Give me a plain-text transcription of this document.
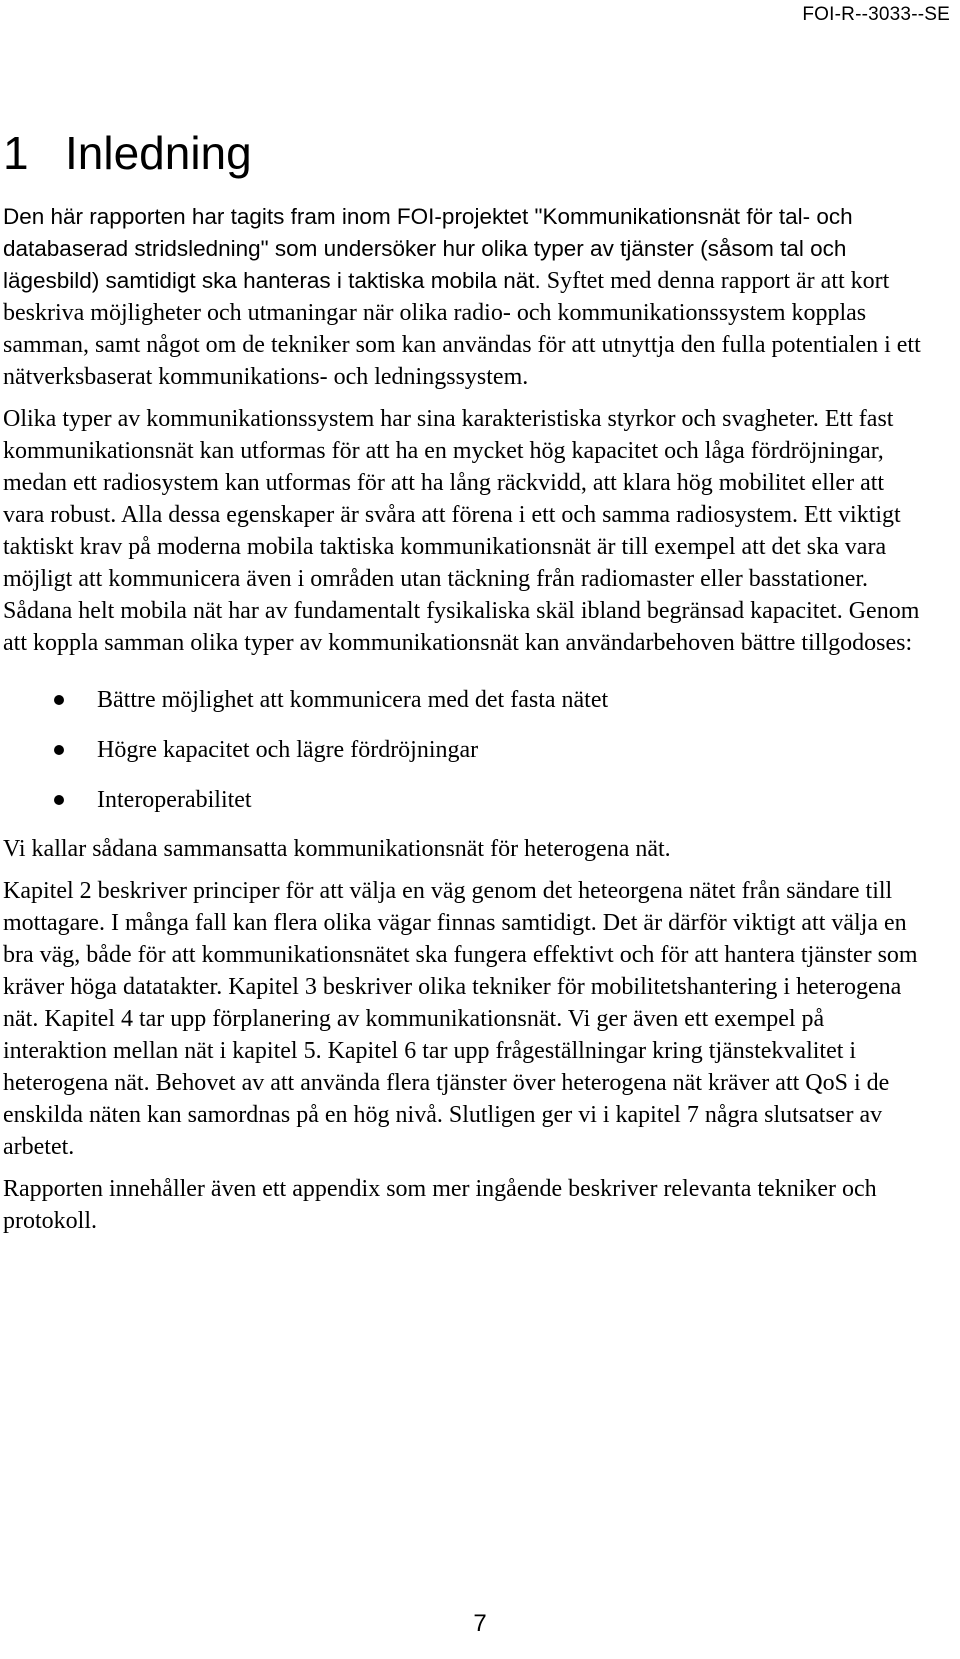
FOI-R--3033--SE
1 Inledning

Den här rapporten har tagits fram inom FOI-projektet "Kommunikationsnät för tal- och databaserad stridsledning" som undersöker hur olika typer av tjänster (såsom tal och lägesbild) samtidigt ska hanteras i taktiska mobila nät. Syftet med denna rapport är att kort beskriva möjligheter och utmaningar när olika radio- och kommunikationssystem kopplas samman, samt något om de tekniker som kan användas för att utnyttja den fulla potentialen i ett nätverksbaserat kommunikations- och ledningssystem.

Olika typer av kommunikationssystem har sina karakteristiska styrkor och svagheter. Ett fast kommunikationsnät kan utformas för att ha en mycket hög kapacitet och låga fördröjningar, medan ett radiosystem kan utformas för att ha lång räckvidd, att klara hög mobilitet eller att vara robust. Alla dessa egenskaper är svåra att förena i ett och samma radiosystem. Ett viktigt taktiskt krav på moderna mobila taktiska kommunikationsnät är till exempel att det ska vara möjligt att kommunicera även i områden utan täckning från radiomaster eller basstationer. Sådana helt mobila nät har av fundamentalt fysikaliska skäl ibland begränsad kapacitet. Genom att koppla samman olika typer av kommunikationsnät kan användarbehoven bättre tillgodoses:

Bättre möjlighet att kommunicera med det fasta nätet
Högre kapacitet och lägre fördröjningar
Interoperabilitet

Vi kallar sådana sammansatta kommunikationsnät för heterogena nät.

Kapitel 2 beskriver principer för att välja en väg genom det heteorgena nätet från sändare till mottagare. I många fall kan flera olika vägar finnas samtidigt. Det är därför viktigt att välja en bra väg, både för att kommunikationsnätet ska fungera effektivt och för att hantera tjänster som kräver höga datatakter. Kapitel 3 beskriver olika tekniker för mobilitetshantering i heterogena nät. Kapitel 4 tar upp förplanering av kommunikationsnät. Vi ger även ett exempel på interaktion mellan nät i kapitel 5. Kapitel 6 tar upp frågeställningar kring tjänstekvalitet i heterogena nät. Behovet av att använda flera tjänster över heterogena nät kräver att QoS i de enskilda näten kan samordnas på en hög nivå. Slutligen ger vi i kapitel 7 några slutsatser av arbetet.

Rapporten innehåller även ett appendix som mer ingående beskriver relevanta tekniker och protokoll.

7
